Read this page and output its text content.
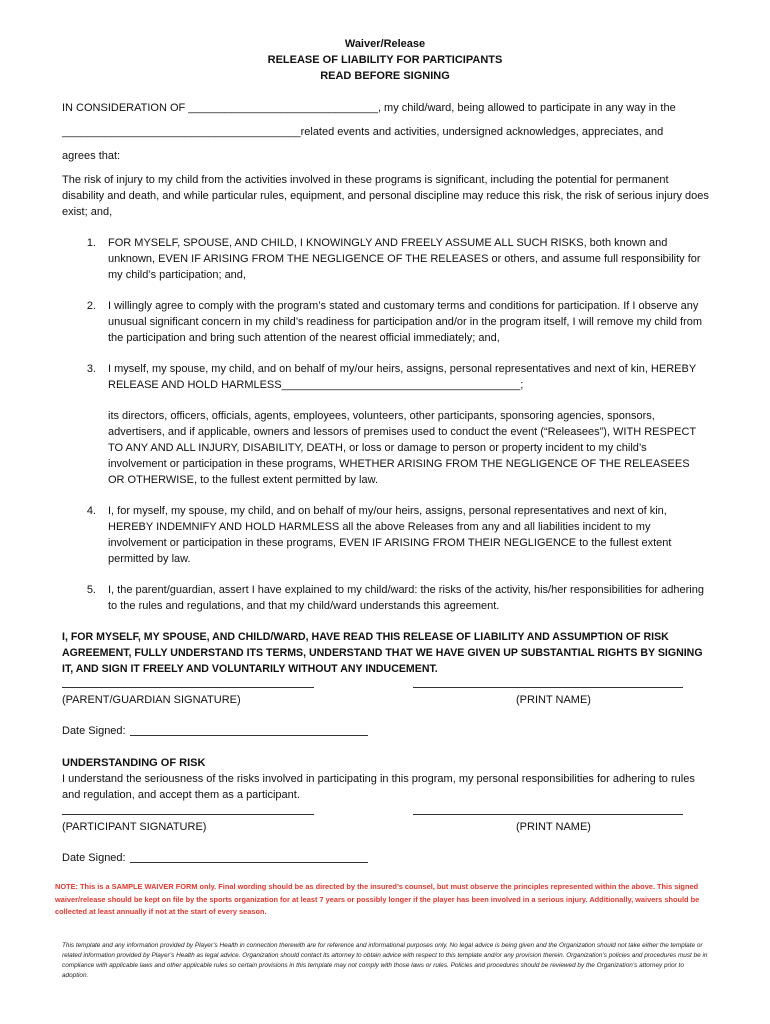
Waiver/Release
RELEASE OF LIABILITY FOR PARTICIPANTS
READ BEFORE SIGNING
IN CONSIDERATION OF _______________________________, my child/ward, being allowed to participate in any way in the
_______________________________________related events and activities, undersigned acknowledges, appreciates, and
agrees that:
The risk of injury to my child from the activities involved in these programs is significant, including the potential for permanent disability and death, and while particular rules, equipment, and personal discipline may reduce this risk, the risk of serious injury does exist; and,
1. FOR MYSELF, SPOUSE, AND CHILD, I KNOWINGLY AND FREELY ASSUME ALL SUCH RISKS, both known and unknown, EVEN IF ARISING FROM THE NEGLIGENCE OF THE RELEASES or others, and assume full responsibility for my child’s participation; and,
2. I willingly agree to comply with the program’s stated and customary terms and conditions for participation. If I observe any unusual significant concern in my child’s readiness for participation and/or in the program itself, I will remove my child from the participation and bring such attention of the nearest official immediately; and,
3. I myself, my spouse, my child, and on behalf of my/our heirs, assigns, personal representatives and next of kin, HEREBY RELEASE AND HOLD HARMLESS_______________________________________;
its directors, officers, officials, agents, employees, volunteers, other participants, sponsoring agencies, sponsors, advertisers, and if applicable, owners and lessors of premises used to conduct the event (“Releasees”), WITH RESPECT TO ANY AND ALL INJURY, DISABILITY, DEATH, or loss or damage to person or property incident to my child’s involvement or participation in these programs, WHETHER ARISING FROM THE NEGLIGENCE OF THE RELEASEES OR OTHERWISE, to the fullest extent permitted by law.
4. I, for myself, my spouse, my child, and on behalf of my/our heirs, assigns, personal representatives and next of kin, HEREBY INDEMNIFY AND HOLD HARMLESS all the above Releases from any and all liabilities incident to my involvement or participation in these programs, EVEN IF ARISING FROM THEIR NEGLIGENCE to the fullest extent permitted by law.
5. I, the parent/guardian, assert I have explained to my child/ward: the risks of the activity, his/her responsibilities for adhering to the rules and regulations, and that my child/ward understands this agreement.
I, FOR MYSELF, MY SPOUSE, AND CHILD/WARD, HAVE READ THIS RELEASE OF LIABILITY AND ASSUMPTION OF RISK AGREEMENT, FULLY UNDERSTAND ITS TERMS, UNDERSTAND THAT WE HAVE GIVEN UP SUBSTANTIAL RIGHTS BY SIGNING IT, AND SIGN IT FREELY AND VOLUNTARILY WITHOUT ANY INDUCEMENT.
(PARENT/GUARDIAN SIGNATURE)	(PRINT NAME)
Date Signed:
UNDERSTANDING OF RISK
I understand the seriousness of the risks involved in participating in this program, my personal responsibilities for adhering to rules and regulation, and accept them as a participant.
(PARTICIPANT SIGNATURE)	(PRINT NAME)
Date Signed:
NOTE: This is a SAMPLE WAIVER FORM only. Final wording should be as directed by the insured’s counsel, but must observe the principles represented within the above. This signed waiver/release should be kept on file by the sports organization for at least 7 years or possibly longer if the player has been involved in a serious injury. Additionally, waivers should be collected at least annually if not at the start of every season.
This template and any information provided by Player’s Health in connection therewith are for reference and informational purposes only. No legal advice is being given and the Organization should not take either the template or related information provided by Player’s Health as legal advice. Organization should contact its attorney to obtain advice with respect to this template and/or any provision therein. Organization’s policies and procedures must be in compliance with applicable laws and other applicable rules so certain provisions in this template may not comply with those laws or rules. Policies and procedures should be reviewed by the Organization’s attorney prior to adoption.
